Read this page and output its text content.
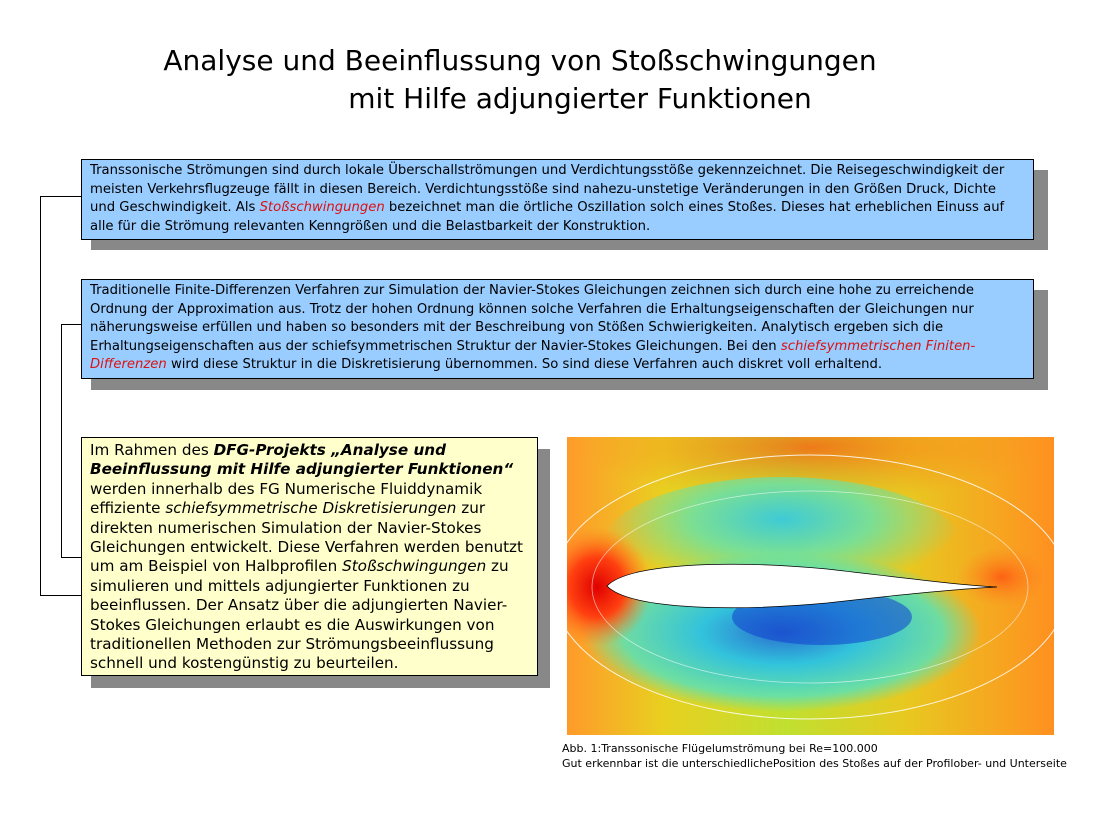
Analyse und Beeinflussung von Stoßschwingungen
mit Hilfe adjungierter Funktionen
Transsonische Strömungen sind durch lokale Überschallströmungen und Verdichtungsstöße gekennzeichnet. Die Reisegeschwindigkeit der meisten Verkehrsflugzeuge fällt in diesen Bereich. Verdichtungsstöße sind nahezu-unstetige Veränderungen in den Größen Druck, Dichte und Geschwindigkeit. Als Stoßschwingungen bezeichnet man die örtliche Oszillation solch eines Stoßes. Dieses hat erheblichen Einuss auf alle für die Strömung relevanten Kenngrößen und die Belastbarkeit der Konstruktion.
Traditionelle Finite-Differenzen Verfahren zur Simulation der Navier-Stokes Gleichungen zeichnen sich durch eine hohe zu erreichende Ordnung der Approximation aus. Trotz der hohen Ordnung können solche Verfahren die Erhaltungseigenschaften der Gleichungen nur näherungsweise erfüllen und haben so besonders mit der Beschreibung von Stößen Schwierigkeiten. Analytisch ergeben sich die Erhaltungseigenschaften aus der schiefsymmetrischen Struktur der Navier-Stokes Gleichungen. Bei den schiefsymmetrischen Finiten-Differenzen wird diese Struktur in die Diskretisierung übernommen. So sind diese Verfahren auch diskret voll erhaltend.
Im Rahmen des DFG-Projekts „Analyse und Beeinflussung mit Hilfe adjungierter Funktionen“ werden innerhalb des FG Numerische Fluiddynamik effiziente schiefsymmetrische Diskretisierungen zur direkten numerischen Simulation der Navier-Stokes Gleichungen entwickelt. Diese Verfahren werden benutzt um am Beispiel von Halbprofilen Stoßschwingungen zu simulieren und mittels adjungierter Funktionen zu beeinflussen. Der Ansatz über die adjungierten Navier-Stokes Gleichungen erlaubt es die Auswirkungen von traditionellen Methoden zur Strömungsbeeinflussung schnell und kostengünstig zu beurteilen.
Abb. 1:Transsonische Flügelumströmung bei Re=100.000
Gut erkennbar ist die unterschiedlichePosition des Stoßes auf der Profilober- und Unterseite
